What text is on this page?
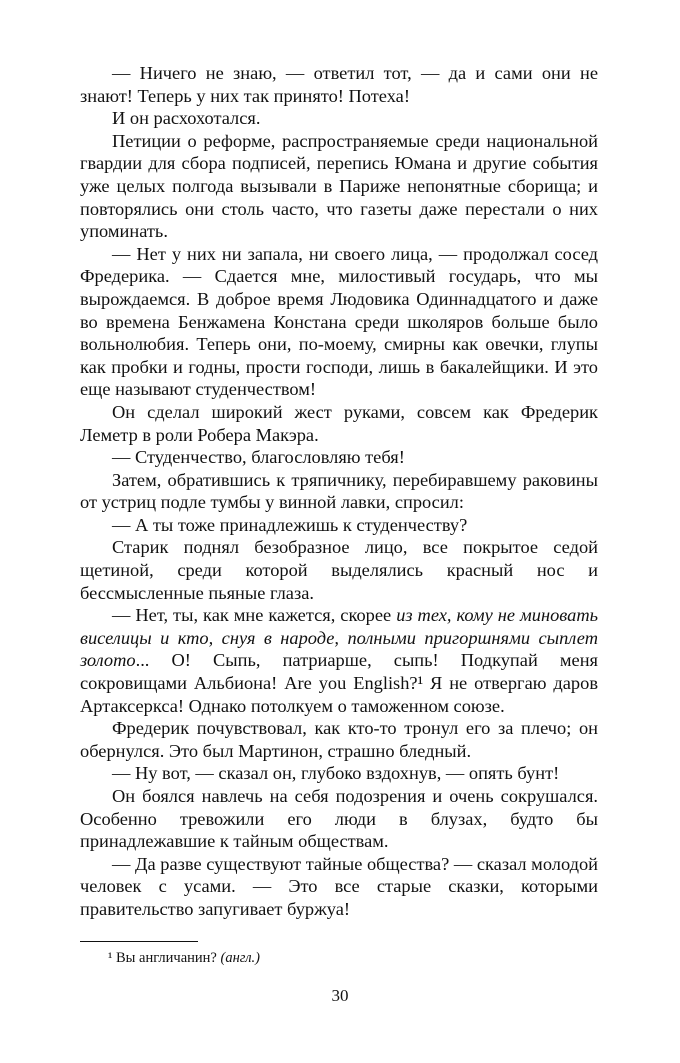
— Ничего не знаю, — ответил тот, — да и сами они не знают! Теперь у них так принято! Потеха!

И он расхохотался.

Петиции о реформе, распространяемые среди национальной гвардии для сбора подписей, перепись Юмана и другие события уже целых полгода вызывали в Париже непонятные сборища; и повторялись они столь часто, что газеты даже перестали о них упоминать.

— Нет у них ни запала, ни своего лица, — продолжал сосед Фредерика. — Сдается мне, милостивый государь, что мы вырождаемся. В доброе время Людовика Одиннадцатого и даже во времена Бенжамена Констана среди школяров больше было вольнолюбия. Теперь они, по-моему, смирны как овечки, глупы как пробки и годны, прости господи, лишь в бакалейщики. И это еще называют студенчеством!

Он сделал широкий жест руками, совсем как Фредерик Леметр в роли Робера Макэра.

— Студенчество, благословляю тебя!

Затем, обратившись к тряпичнику, перебиравшему раковины от устриц подле тумбы у винной лавки, спросил:

— А ты тоже принадлежишь к студенчеству?

Старик поднял безобразное лицо, все покрытое седой щетиной, среди которой выделялись красный нос и бессмысленные пьяные глаза.

— Нет, ты, как мне кажется, скорее из тех, кому не миновать виселицы и кто, снуя в народе, полными пригоршнями сыплет золото... О! Сыпь, патриарше, сыпь! Подкупай меня сокровищами Альбиона! Are you English?¹ Я не отвергаю даров Артаксеркса! Однако потолкуем о таможенном союзе.

Фредерик почувствовал, как кто-то тронул его за плечо; он обернулся. Это был Мартинон, страшно бледный.

— Ну вот, — сказал он, глубоко вздохнув, — опять бунт!

Он боялся навлечь на себя подозрения и очень сокрушался. Особенно тревожили его люди в блузах, будто бы принадлежавшие к тайным обществам.

— Да разве существуют тайные общества? — сказал молодой человек с усами. — Это все старые сказки, которыми правительство запугивает буржуа!

¹ Вы англичанин? (англ.)
30
